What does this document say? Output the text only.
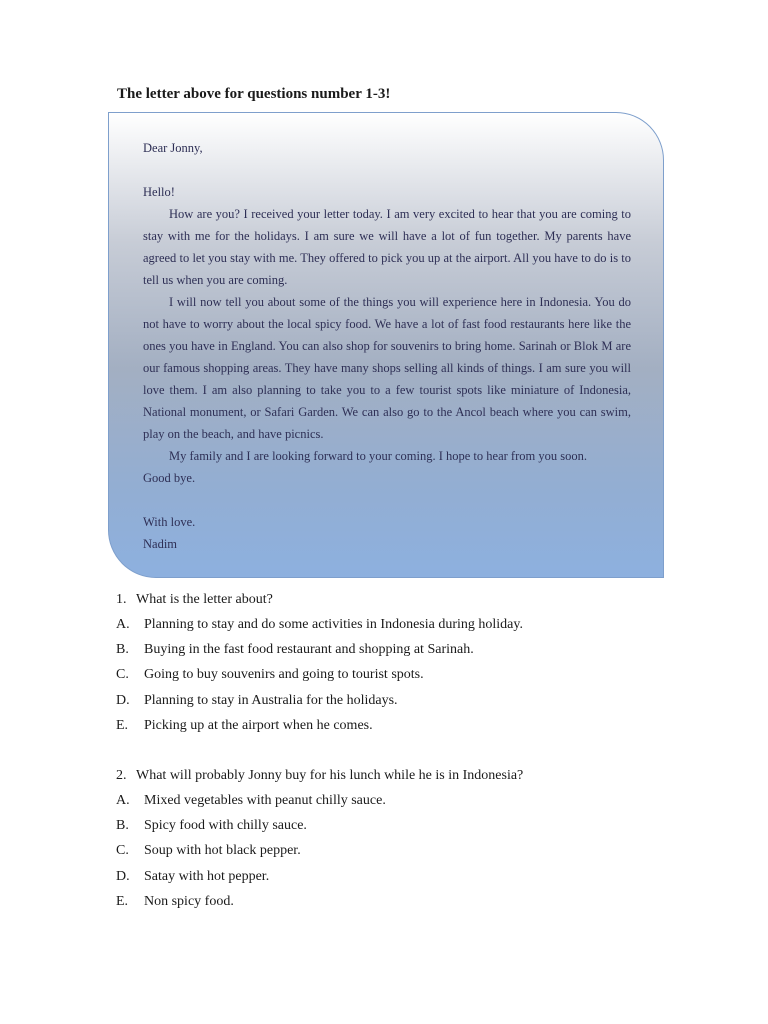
The letter above for questions number 1-3!

Dear Jonny,

Hello!

How are you? I received your letter today. I am very excited to hear that you are coming to stay with me for the holidays. I am sure we will have a lot of fun together. My parents have agreed to let you stay with me. They offered to pick you up at the airport. All you have to do is to tell us when you are coming.

I will now tell you about some of the things you will experience here in Indonesia. You do not have to worry about the local spicy food. We have a lot of fast food restaurants here like the ones you have in England. You can also shop for souvenirs to bring home. Sarinah or Blok M are our famous shopping areas. They have many shops selling all kinds of things. I am sure you will love them. I am also planning to take you to a few tourist spots like miniature of Indonesia, National monument, or Safari Garden. We can also go to the Ancol beach where you can swim, play on the beach, and have picnics.

My family and I are looking forward to your coming. I hope to hear from you soon.

Good bye.

With love.

Nadim

1. What is the letter about?
A. Planning to stay and do some activities in Indonesia during holiday.
B. Buying in the fast food restaurant and shopping at Sarinah.
C. Going to buy souvenirs and going to tourist spots.
D. Planning to stay in Australia for the holidays.
E. Picking up at the airport when he comes.
2. What will probably Jonny buy for his lunch while he is in Indonesia?
A. Mixed vegetables with peanut chilly sauce.
B. Spicy food with chilly sauce.
C. Soup with hot black pepper.
D. Satay with hot pepper.
E. Non spicy food.
